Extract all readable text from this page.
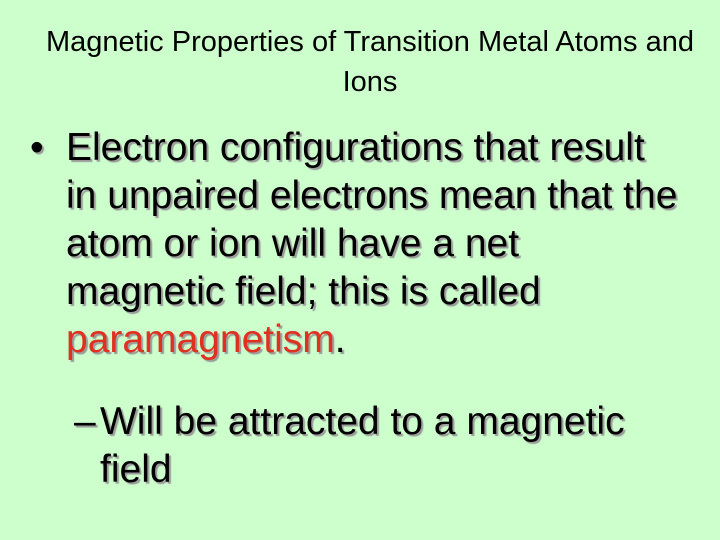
Magnetic Properties of Transition Metal Atoms and Ions
• Electron configurations that result in unpaired electrons mean that the atom or ion will have a net magnetic field; this is called paramagnetism.
– Will be attracted to a magnetic field
